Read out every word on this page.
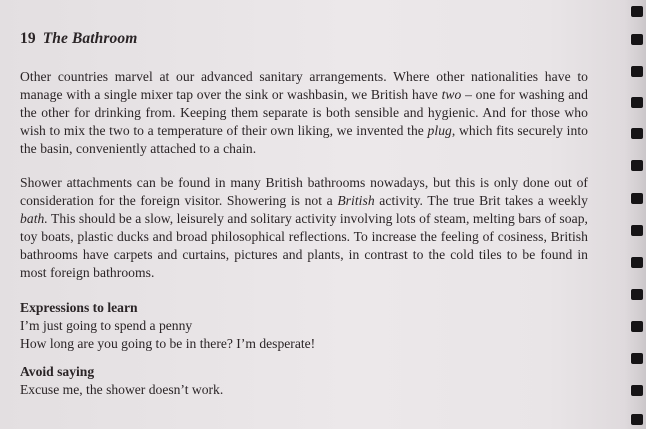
19 The Bathroom

Other countries marvel at our advanced sanitary arrangements. Where other nationalities have to manage with a single mixer tap over the sink or washbasin, we British have two – one for washing and the other for drinking from. Keeping them separate is both sensible and hygienic. And for those who wish to mix the two to a temperature of their own liking, we invented the plug, which fits securely into the basin, conveniently attached to a chain.

Shower attachments can be found in many British bathrooms nowadays, but this is only done out of consideration for the foreign visitor. Showering is not a British activity. The true Brit takes a weekly bath. This should be a slow, leisurely and solitary activity involving lots of steam, melting bars of soap, toy boats, plastic ducks and broad philosophical reflections. To increase the feeling of cosiness, British bathrooms have carpets and curtains, pictures and plants, in contrast to the cold tiles to be found in most foreign bathrooms.

Expressions to learn

I’m just going to spend a penny

How long are you going to be in there? I’m desperate!

Avoid saying

Excuse me, the shower doesn’t work.
